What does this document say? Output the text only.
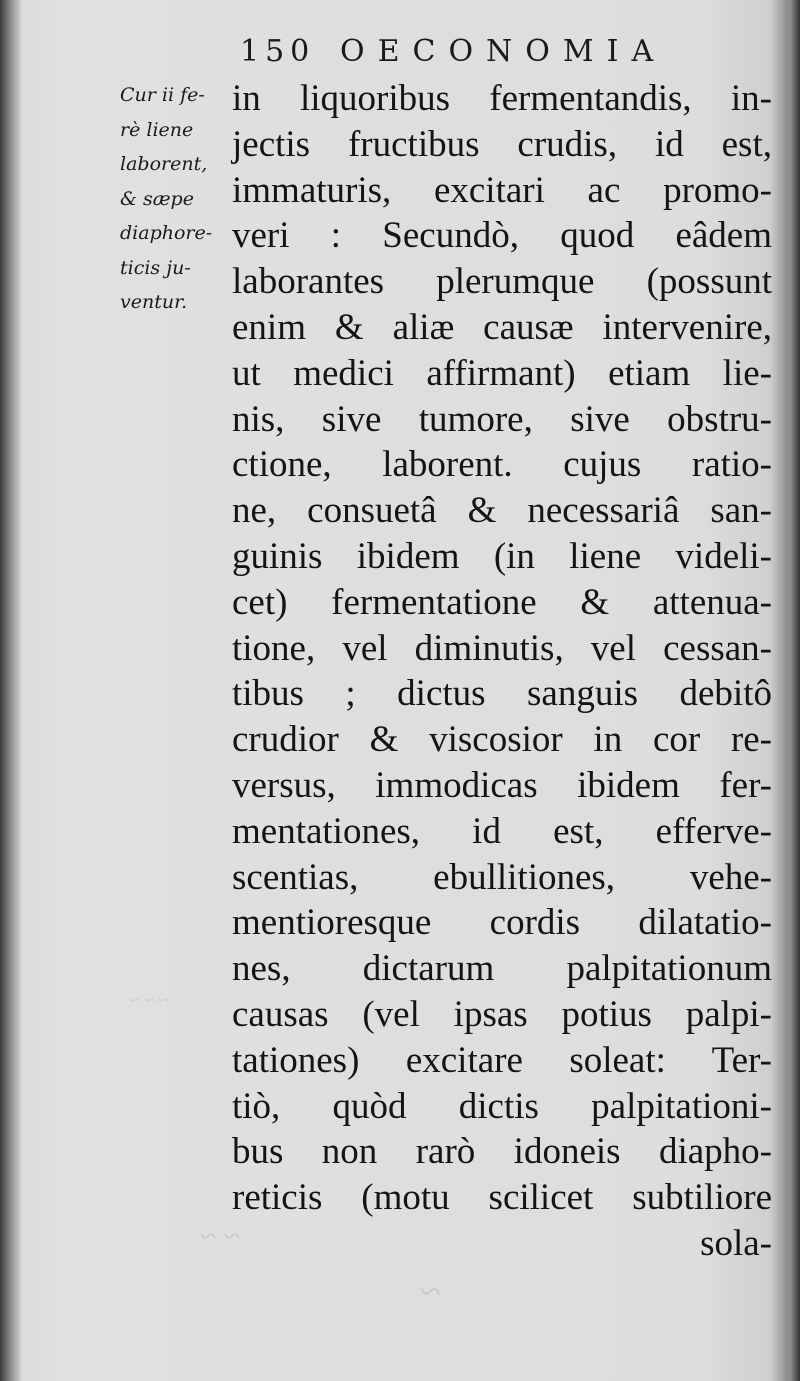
~ ~ ~
~ ~
~
150 OECONOMIA
Cur ii fe-
rè liene
laborent,
& sæpe
diaphore-
ticis ju-
ventur.
in liquoribus fermentandis, in-
jectis fructibus crudis, id est,
immaturis, excitari ac promo-
veri : Secundò, quod eâdem
laborantes plerumque (possunt
enim & aliæ causæ intervenire,
ut medici affirmant) etiam lie-
nis, sive tumore, sive obstru-
ctione, laborent. cujus ratio-
ne, consuetâ & necessariâ san-
guinis ibidem (in liene videli-
cet) fermentatione & attenua-
tione, vel diminutis, vel cessan-
tibus ; dictus sanguis debitô
crudior & viscosior in cor re-
versus, immodicas ibidem fer-
mentationes, id est, efferve-
scentias, ebullitiones, vehe-
mentioresque cordis dilatatio-
nes, dictarum palpitationum
causas (vel ipsas potius palpi-
tationes) excitare soleat: Ter-
tiò, quòd dictis palpitationi-
bus non rarò idoneis diapho-
reticis (motu scilicet subtiliore
sola-
